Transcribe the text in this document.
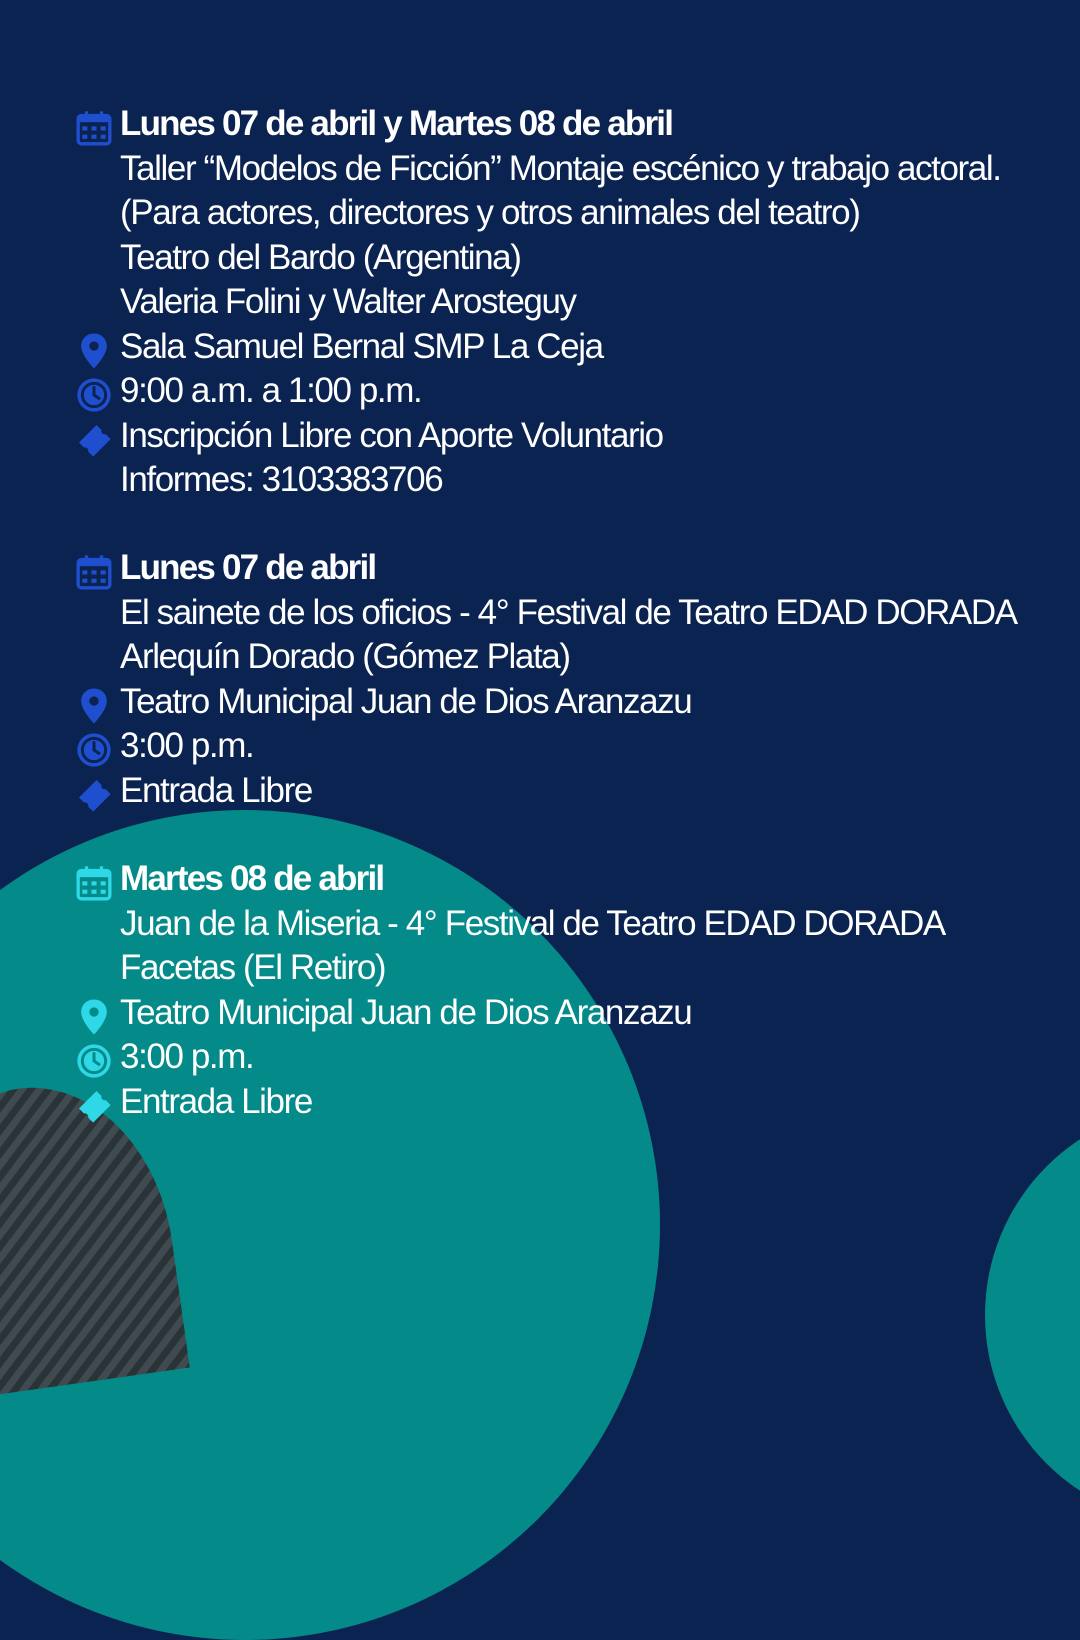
Lunes 07 de abril y Martes 08 de abril
Taller “Modelos de Ficción” Montaje escénico y trabajo actoral.
(Para actores, directores y otros animales del teatro)
Teatro del Bardo (Argentina)
Valeria Folini y Walter Arosteguy
Sala Samuel Bernal SMP La Ceja
9:00 a.m. a 1:00 p.m.
Inscripción Libre con Aporte Voluntario
Informes: 3103383706
Lunes 07 de abril
El sainete de los oficios - 4° Festival de Teatro EDAD DORADA
Arlequín Dorado (Gómez Plata)
Teatro Municipal Juan de Dios Aranzazu
3:00 p.m.
Entrada Libre
Martes 08 de abril
Juan de la Miseria - 4° Festival de Teatro EDAD DORADA
Facetas (El Retiro)
Teatro Municipal Juan de Dios Aranzazu
3:00 p.m.
Entrada Libre
